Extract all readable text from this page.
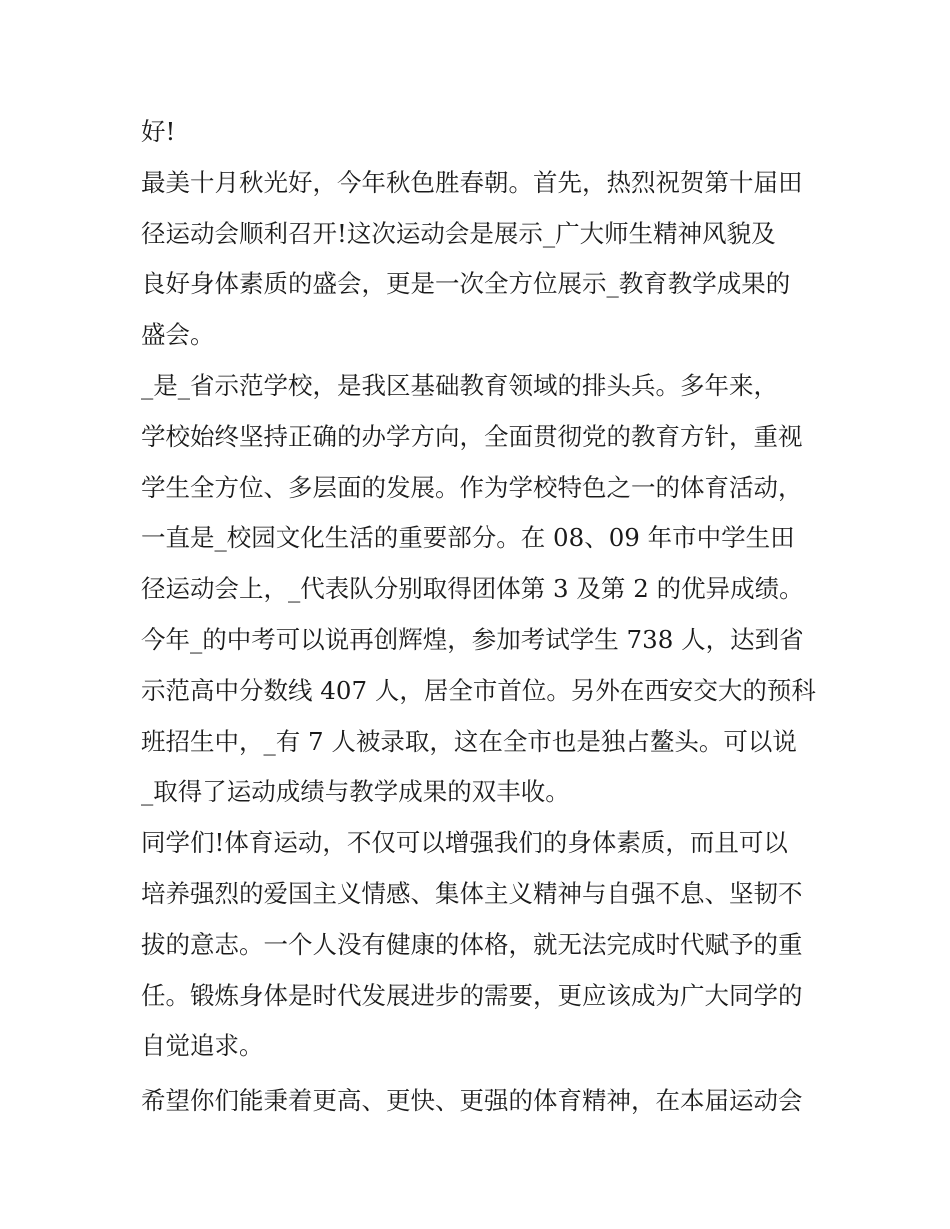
好!
最美十月秋光好，今年秋色胜春朝。首先，热烈祝贺第十届田
径运动会顺利召开!这次运动会是展示_广大师生精神风貌及
良好身体素质的盛会，更是一次全方位展示_教育教学成果的
盛会。
_是_省示范学校，是我区基础教育领域的排头兵。多年来，
学校始终坚持正确的办学方向，全面贯彻党的教育方针，重视
学生全方位、多层面的发展。作为学校特色之一的体育活动，
一直是_校园文化生活的重要部分。在 08、09 年市中学生田
径运动会上，_代表队分别取得团体第 3 及第 2 的优异成绩。
今年_的中考可以说再创辉煌，参加考试学生 738 人，达到省
示范高中分数线 407 人，居全市首位。另外在西安交大的预科
班招生中，_有 7 人被录取，这在全市也是独占鳌头。可以说
_取得了运动成绩与教学成果的双丰收。
同学们!体育运动，不仅可以增强我们的身体素质，而且可以
培养强烈的爱国主义情感、集体主义精神与自强不息、坚韧不
拔的意志。一个人没有健康的体格，就无法完成时代赋予的重
任。锻炼身体是时代发展进步的需要，更应该成为广大同学的
自觉追求。
希望你们能秉着更高、更快、更强的体育精神，在本届运动会
